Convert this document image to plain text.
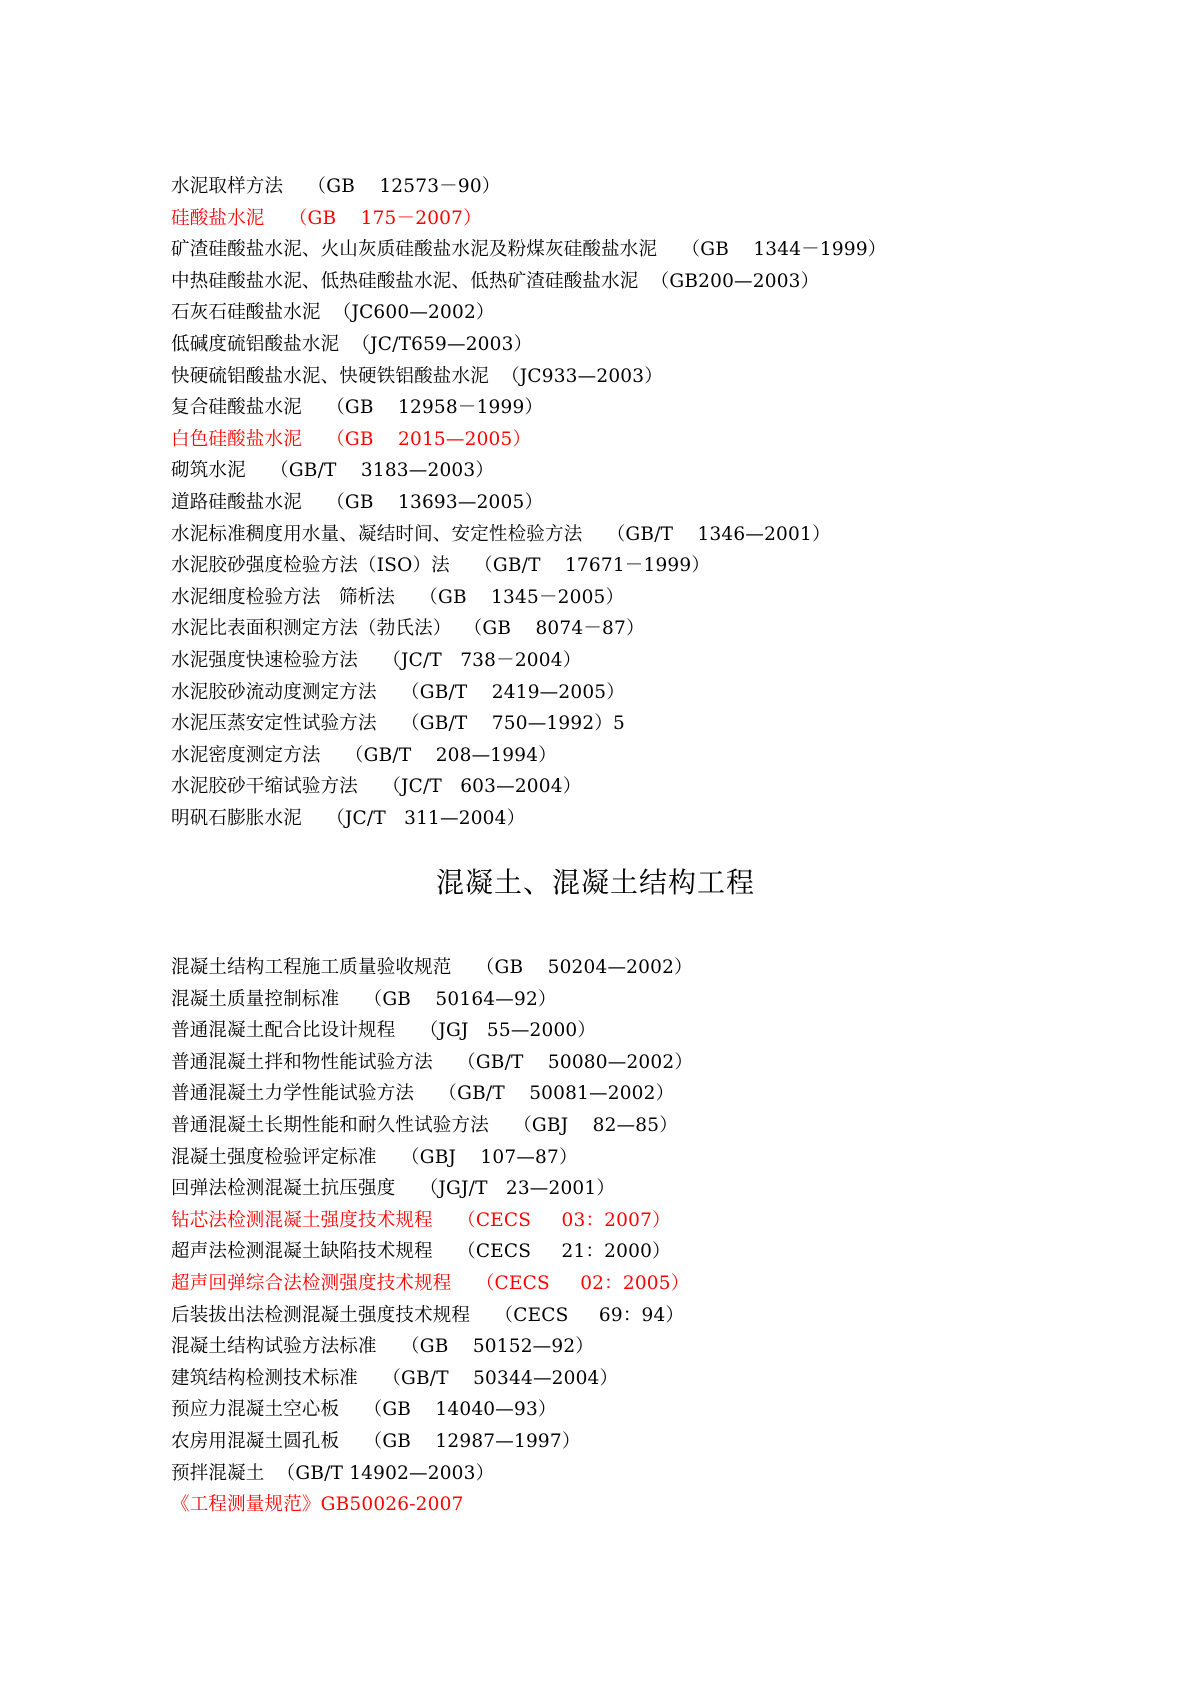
水泥取样方法    （GB    12573－90）
硅酸盐水泥    （GB    175－2007）
矿渣硅酸盐水泥、火山灰质硅酸盐水泥及粉煤灰硅酸盐水泥    （GB    1344－1999）
中热硅酸盐水泥、低热硅酸盐水泥、低热矿渣硅酸盐水泥  （GB200—2003）
石灰石硅酸盐水泥  （JC600—2002）
低碱度硫铝酸盐水泥  （JC/T659—2003）
快硬硫铝酸盐水泥、快硬铁铝酸盐水泥  （JC933—2003）
复合硅酸盐水泥    （GB    12958－1999）
白色硅酸盐水泥    （GB    2015—2005）
砌筑水泥    （GB/T    3183—2003）
道路硅酸盐水泥    （GB    13693—2005）
水泥标准稠度用水量、凝结时间、安定性检验方法    （GB/T    1346—2001）
水泥胶砂强度检验方法（ISO）法    （GB/T    17671－1999）
水泥细度检验方法   筛析法    （GB    1345－2005）
水泥比表面积测定方法（勃氏法）  （GB    8074－87）
水泥强度快速检验方法    （JC/T   738－2004）
水泥胶砂流动度测定方法    （GB/T    2419—2005）
水泥压蒸安定性试验方法    （GB/T    750—1992）5
水泥密度测定方法    （GB/T    208—1994）
水泥胶砂干缩试验方法    （JC/T   603—2004）
明矾石膨胀水泥    （JC/T   311—2004）
混凝土、混凝土结构工程
混凝土结构工程施工质量验收规范    （GB    50204—2002）
混凝土质量控制标准    （GB    50164—92）
普通混凝土配合比设计规程    （JGJ   55—2000）
普通混凝土拌和物性能试验方法    （GB/T    50080—2002）
普通混凝土力学性能试验方法    （GB/T    50081—2002）
普通混凝土长期性能和耐久性试验方法    （GBJ    82—85）
混凝土强度检验评定标准    （GBJ    107—87）
回弹法检测混凝土抗压强度    （JGJ/T   23—2001）
钻芯法检测混凝土强度技术规程    （CECS     03：2007）
超声法检测混凝土缺陷技术规程    （CECS     21：2000）
超声回弹综合法检测强度技术规程    （CECS     02：2005）
后装拔出法检测混凝土强度技术规程    （CECS     69：94）
混凝土结构试验方法标准    （GB    50152—92）
建筑结构检测技术标准    （GB/T    50344—2004）
预应力混凝土空心板    （GB    14040—93）
农房用混凝土圆孔板    （GB    12987—1997）
预拌混凝土  （GB/T 14902—2003）
《工程测量规范》GB50026-2007
